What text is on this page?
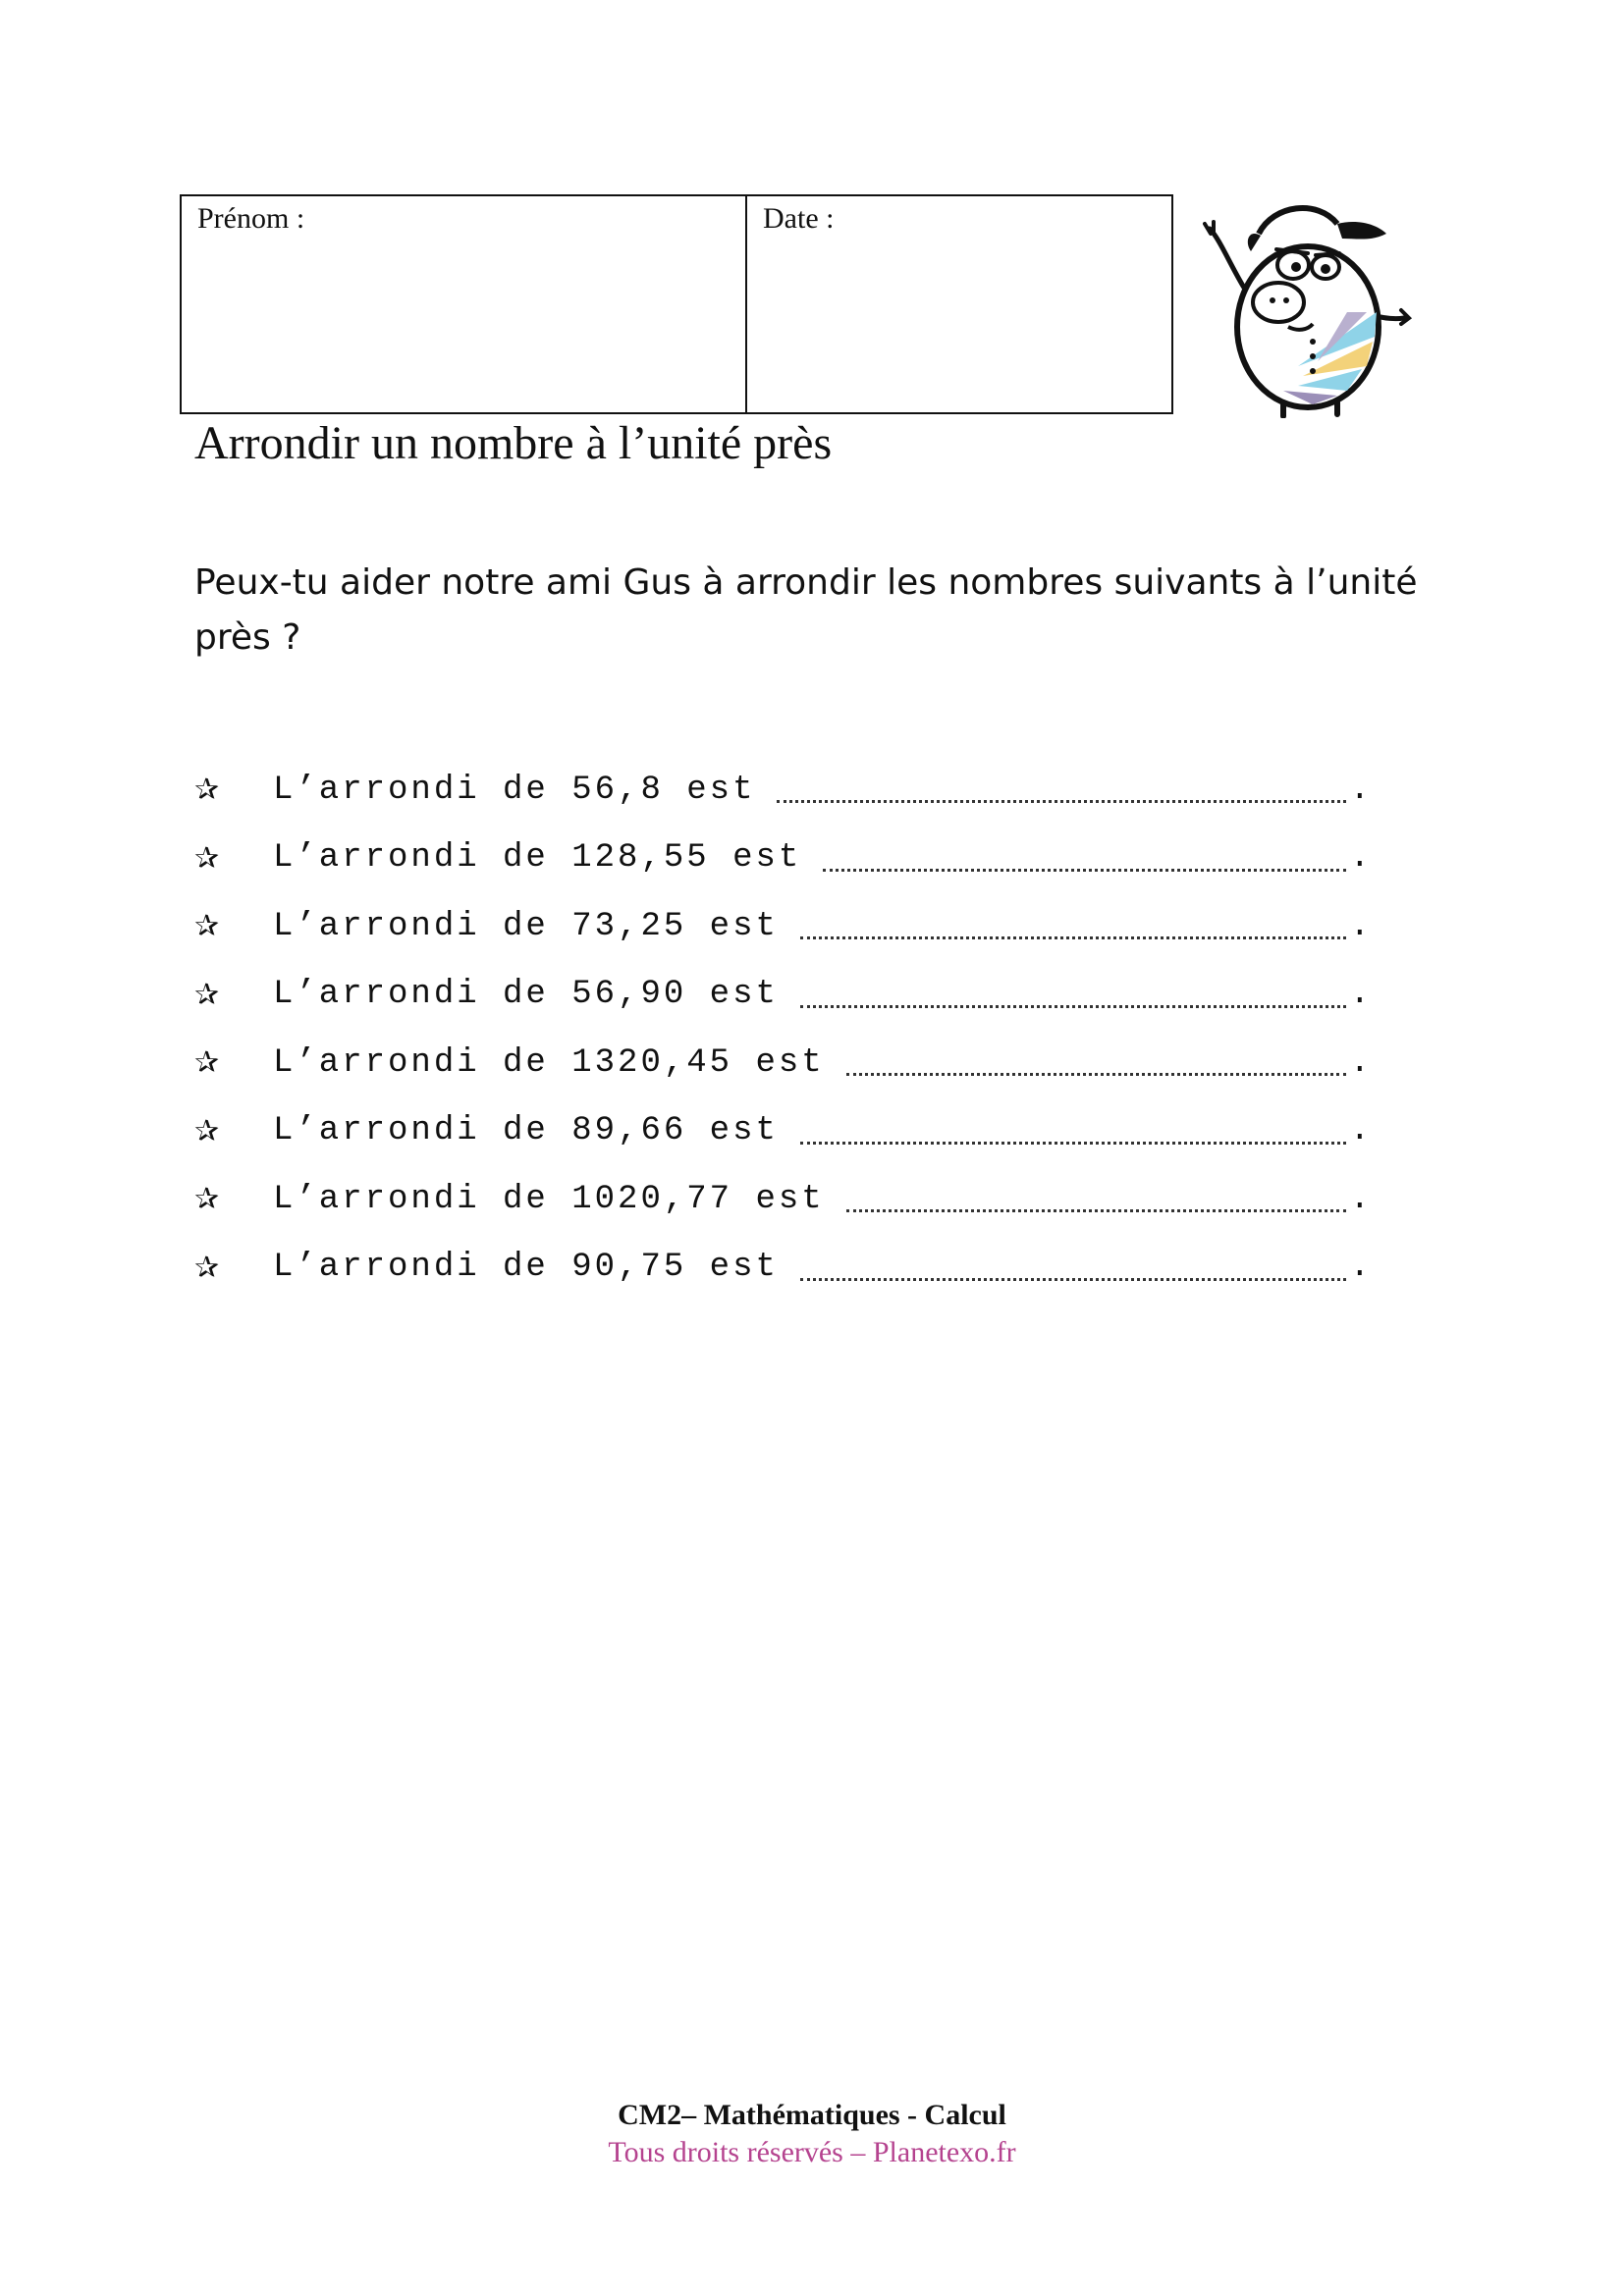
Prénom :	Date :
Arrondir un nombre à l’unité près
Peux-tu aider notre ami Gus à arrondir les nombres suivants à l’unité près ?
✰	L’arrondi de 56,8 est	.
✰	L’arrondi de 128,55 est	.
✰	L’arrondi de 73,25 est	.
✰	L’arrondi de 56,90 est	.
✰	L’arrondi de 1320,45 est	.
✰	L’arrondi de 89,66 est	.
✰	L’arrondi de 1020,77 est	.
✰	L’arrondi de 90,75 est	.
CM2– Mathématiques - Calcul
Tous droits réservés – Planetexo.fr
